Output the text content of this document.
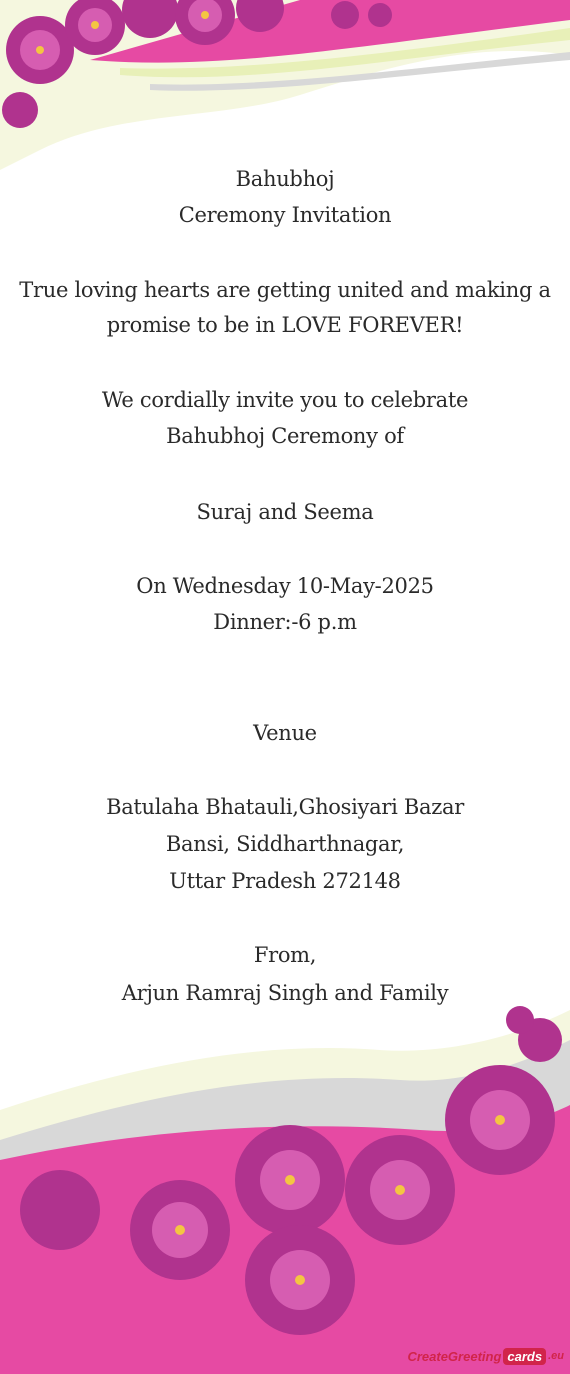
Bahubhoj
Ceremony Invitation
True loving hearts are getting united and making a
promise to be in LOVE FOREVER!
We cordially invite you to celebrate
Bahubhoj Ceremony of
Suraj and Seema
On Wednesday 10-May-2025
Dinner:-6 p.m
Venue
Batulaha Bhatauli,Ghosiyari Bazar
Bansi, Siddharthnagar,
Uttar Pradesh 272148
From,
Arjun Ramraj Singh and Family
CreateGreeting cards .eu
